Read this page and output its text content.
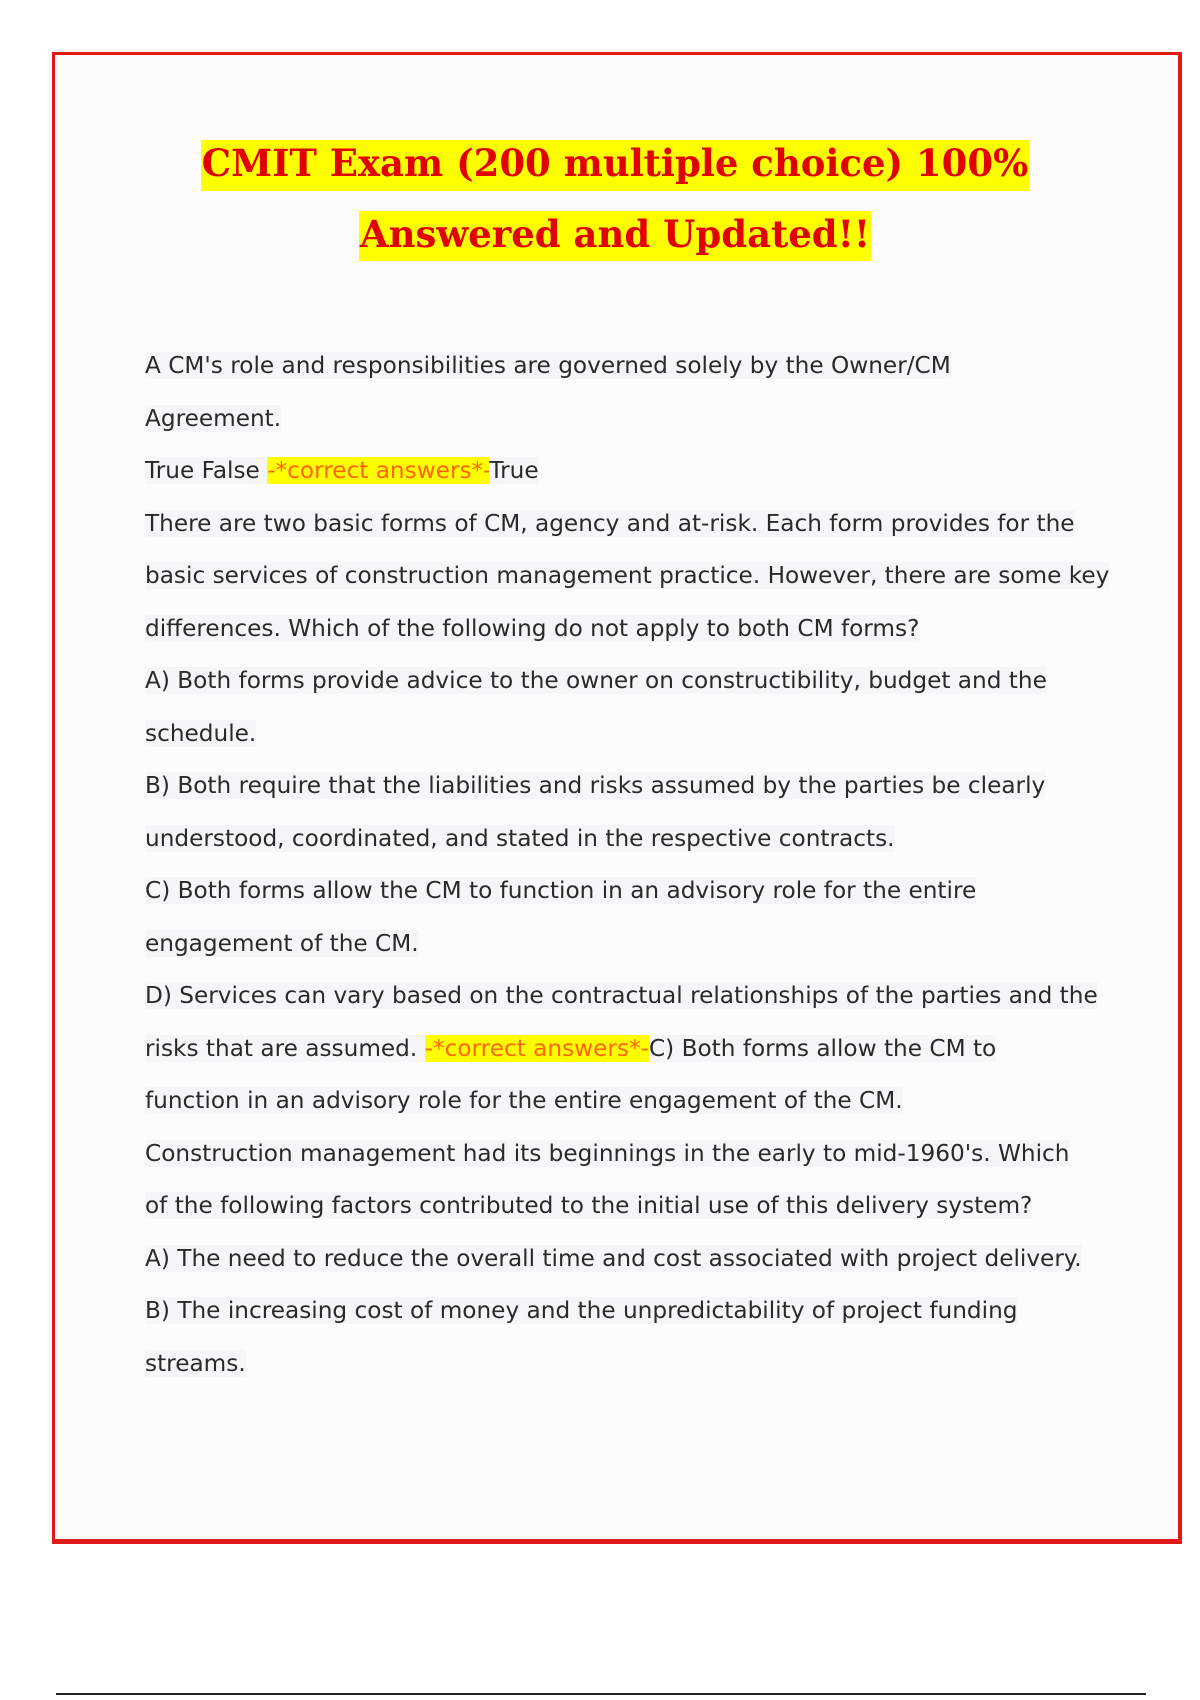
CMIT Exam (200 multiple choice) 100%
Answered and Updated!!
A CM's role and responsibilities are governed solely by the Owner/CM
Agreement.
True False -*correct answers*-True
There are two basic forms of CM, agency and at-risk. Each form provides for the
basic services of construction management practice. However, there are some key
differences. Which of the following do not apply to both CM forms?
A) Both forms provide advice to the owner on constructibility, budget and the
schedule.
B) Both require that the liabilities and risks assumed by the parties be clearly
understood, coordinated, and stated in the respective contracts.
C) Both forms allow the CM to function in an advisory role for the entire
engagement of the CM.
D) Services can vary based on the contractual relationships of the parties and the
risks that are assumed. -*correct answers*-C) Both forms allow the CM to
function in an advisory role for the entire engagement of the CM.
Construction management had its beginnings in the early to mid-1960's. Which
of the following factors contributed to the initial use of this delivery system?
A) The need to reduce the overall time and cost associated with project delivery.
B) The increasing cost of money and the unpredictability of project funding
streams.
